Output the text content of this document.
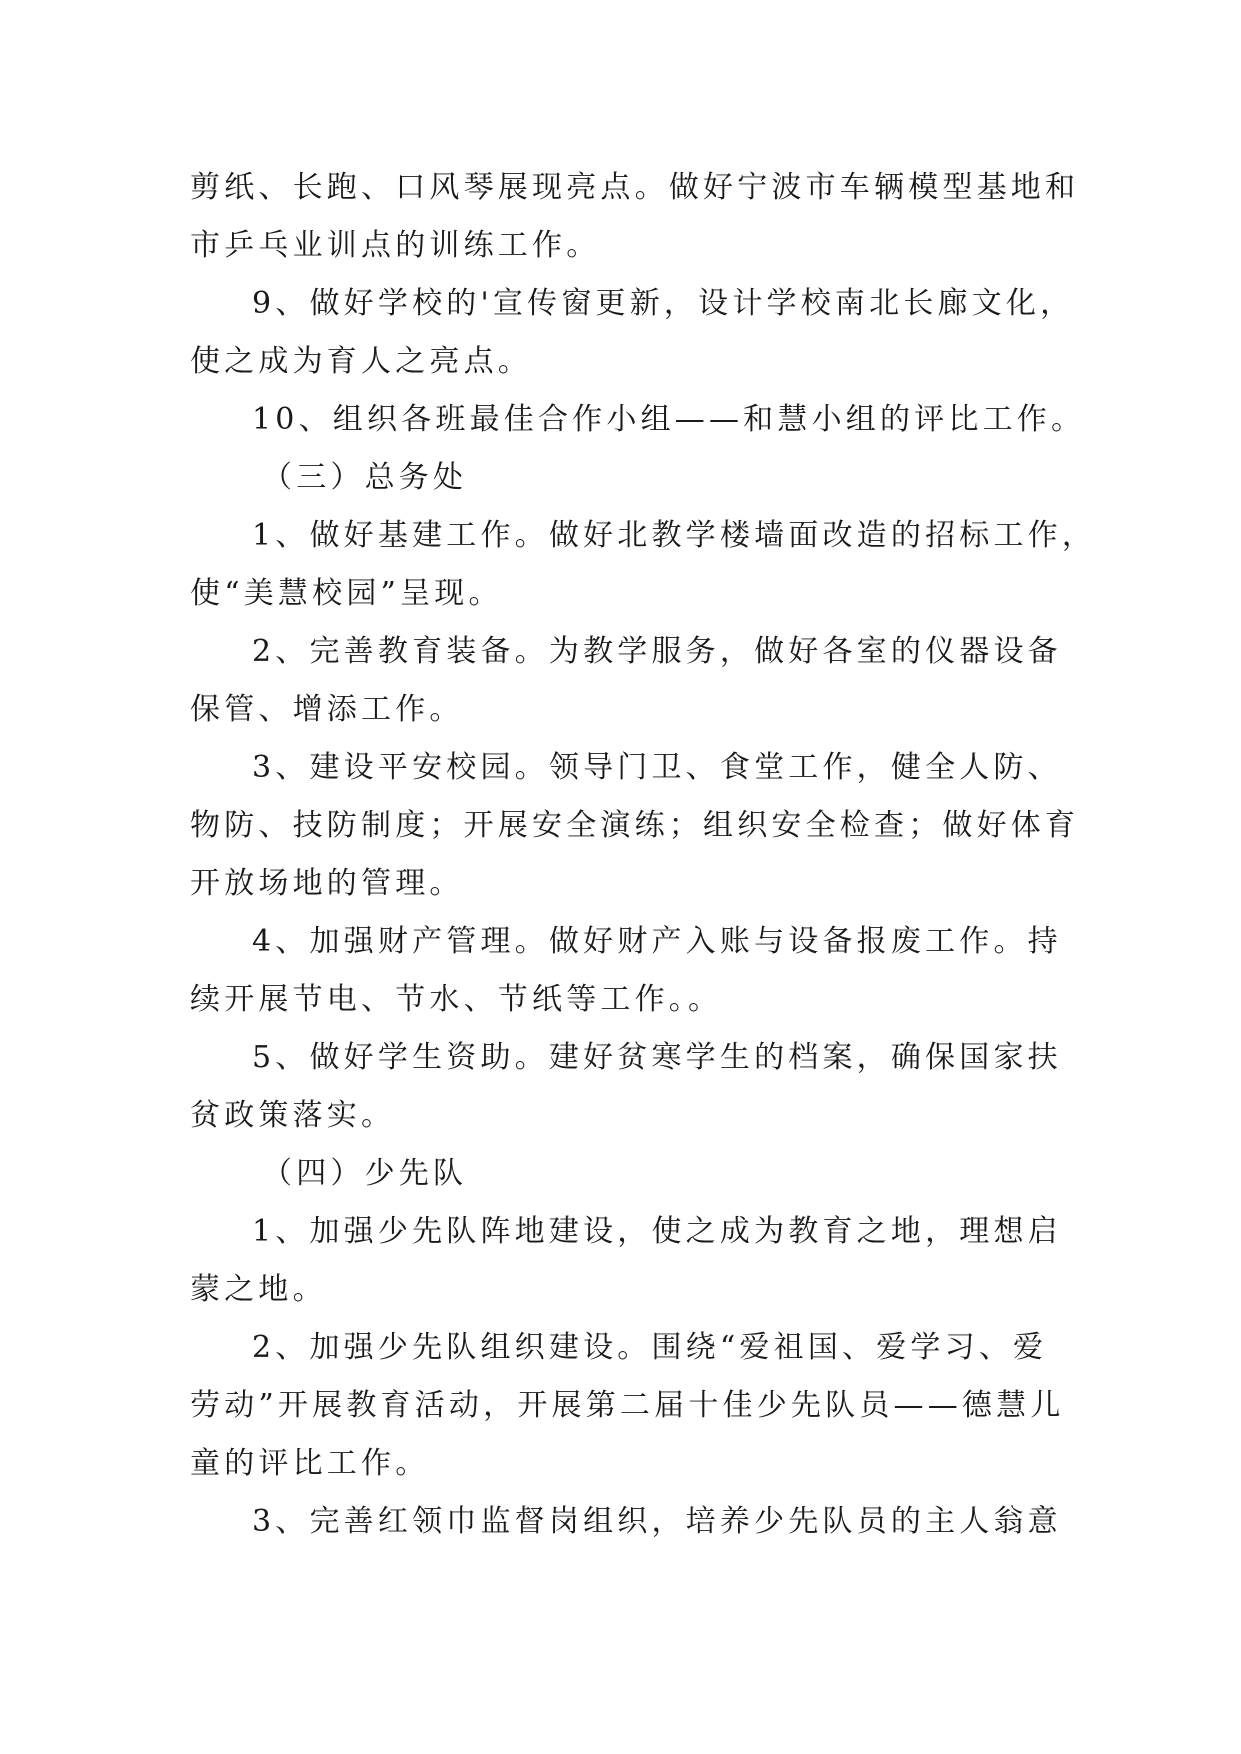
剪纸、长跑、口风琴展现亮点。做好宁波市车辆模型基地和
市乒乓业训点的训练工作。
9、做好学校的'宣传窗更新，设计学校南北长廊文化，
使之成为育人之亮点。
10、组织各班最佳合作小组——和慧小组的评比工作。
（三）总务处
1、做好基建工作。做好北教学楼墙面改造的招标工作，
使“美慧校园”呈现。
2、完善教育装备。为教学服务，做好各室的仪器设备
保管、增添工作。
3、建设平安校园。领导门卫、食堂工作，健全人防、
物防、技防制度；开展安全演练；组织安全检查；做好体育
开放场地的管理。
4、加强财产管理。做好财产入账与设备报废工作。持
续开展节电、节水、节纸等工作。。
5、做好学生资助。建好贫寒学生的档案，确保国家扶
贫政策落实。
（四）少先队
1、加强少先队阵地建设，使之成为教育之地，理想启
蒙之地。
2、加强少先队组织建设。围绕“爱祖国、爱学习、爱
劳动”开展教育活动，开展第二届十佳少先队员——德慧儿
童的评比工作。
3、完善红领巾监督岗组织，培养少先队员的主人翁意
